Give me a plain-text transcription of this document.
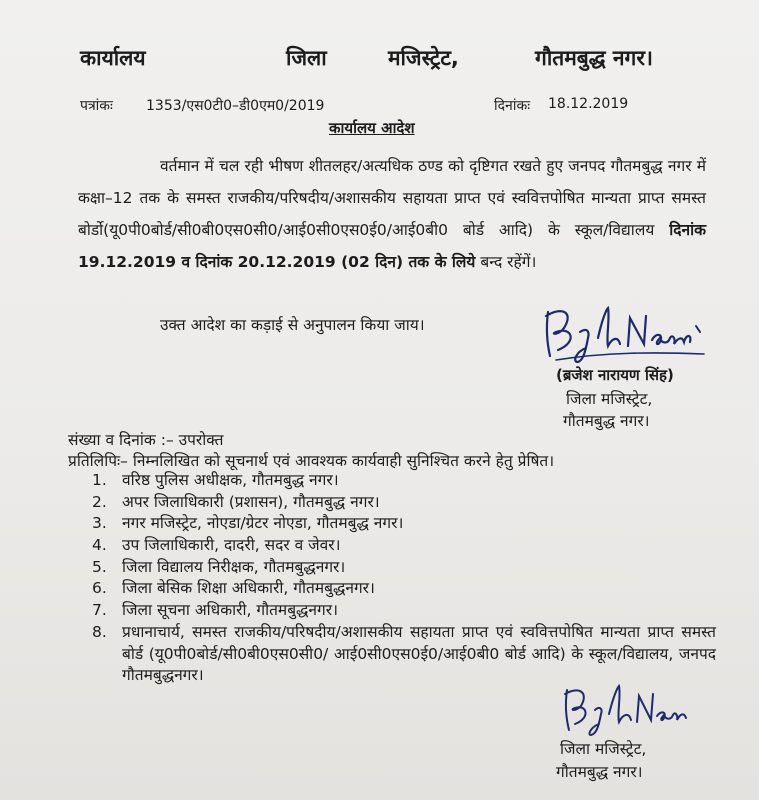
कार्यालय	जिला	मजिस्ट्रेट,	गौतमबुद्ध नगर।
पत्रांकः 1353/एस0टी0–डी0एम0/2019	दिनांकः 18.12.2019
कार्यालय आदेश
वर्तमान में चल रही भीषण शीतलहर/अत्यधिक ठण्ड को दृष्टिगत रखते हुए जनपद गौतमबुद्ध नगर में कक्षा–12 तक के समस्त राजकीय/परिषदीय/अशासकीय सहायता प्राप्त एवं स्ववित्तपोषित मान्यता प्राप्त समस्त बोर्डो(यू0पी0बोर्ड/सी0बी0एस0सी0/आई0सी0एस0ई0/आई0बी0 बोर्ड आदि) के स्कूल/विद्यालय दिनांक 19.12.2019 व दिनांक 20.12.2019 (02 दिन) तक के लिये बन्द रहेंगें।
उक्त आदेश का कड़ाई से अनुपालन किया जाय।
(ब्रजेश नारायण सिंह)
जिला मजिस्ट्रेट,
गौतमबुद्ध नगर।
संख्या व दिनांक :– उपरोक्त
प्रतिलिपिः– निम्नलिखित को सूचनार्थ एवं आवश्यक कार्यवाही सुनिश्चित करने हेतु प्रेषित।
1. वरिष्ठ पुलिस अधीक्षक, गौतमबुद्ध नगर।
2. अपर जिलाधिकारी (प्रशासन), गौतमबुद्ध नगर।
3. नगर मजिस्ट्रेट, नोएडा/ग्रेटर नोएडा, गौतमबुद्ध नगर।
4. उप जिलाधिकारी, दादरी, सदर व जेवर।
5. जिला विद्यालय निरीक्षक, गौतमबुद्धनगर।
6. जिला बेसिक शिक्षा अधिकारी, गौतमबुद्धनगर।
7. जिला सूचना अधिकारी, गौतमबुद्धनगर।
8. प्रधानाचार्य, समस्त राजकीय/परिषदीय/अशासकीय सहायता प्राप्त एवं स्ववित्तपोषित मान्यता प्राप्त समस्त बोर्ड (यू0पी0बोर्ड/सी0बी0एस0सी0/ आई0सी0एस0ई0/आई0बी0 बोर्ड आदि) के स्कूल/विद्यालय, जनपद गौतमबुद्धनगर।
जिला मजिस्ट्रेट,
गौतमबुद्ध नगर।
